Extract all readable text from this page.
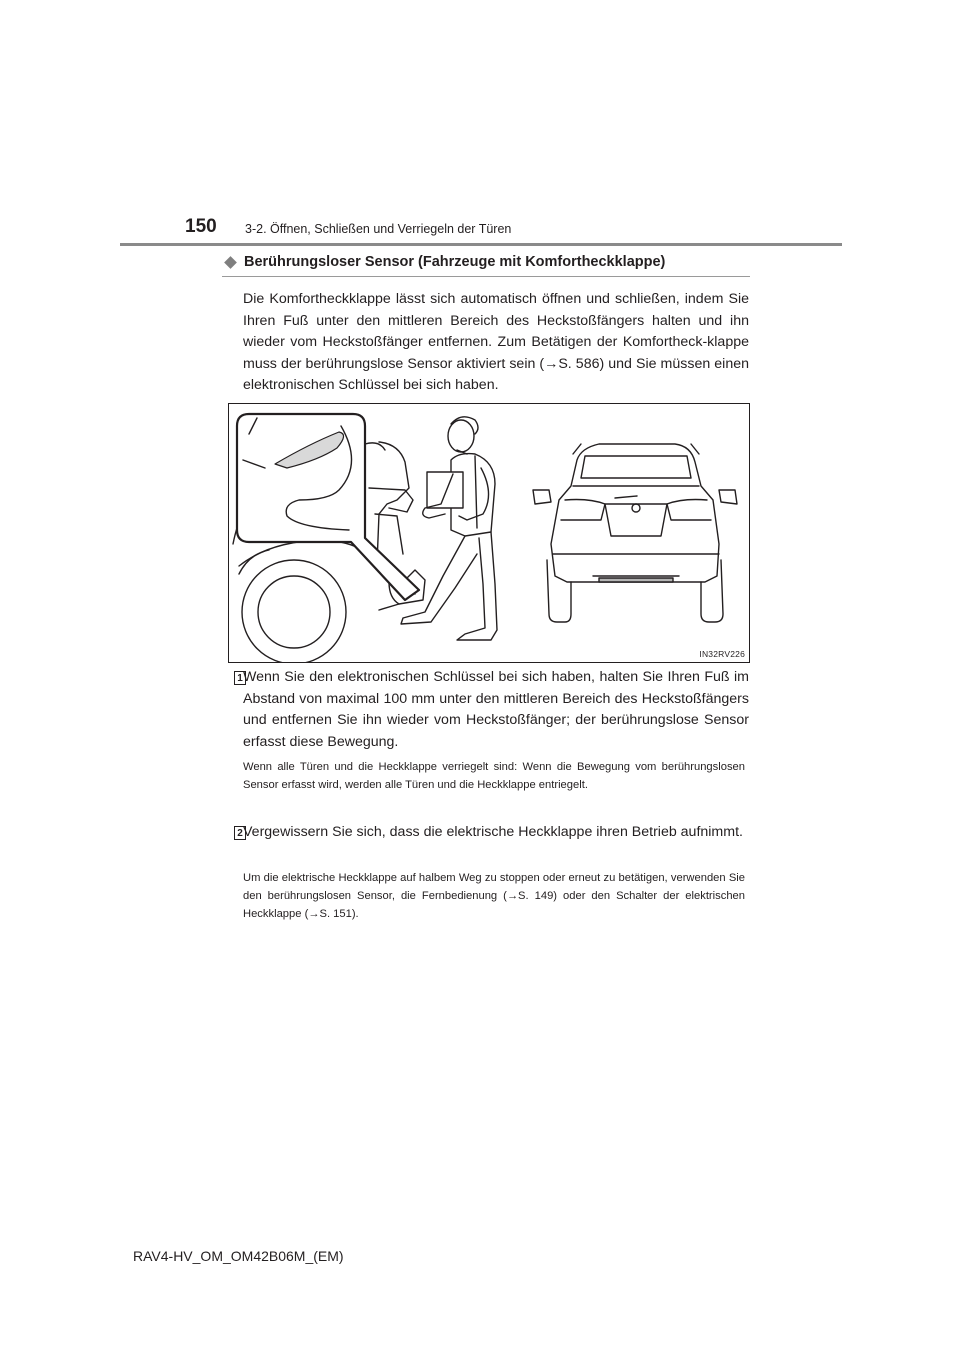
150 3-2. Öffnen, Schließen und Verriegeln der Türen
Berührungsloser Sensor (Fahrzeuge mit Komfortheckklappe)
Die Komfortheckklappe lässt sich automatisch öffnen und schließen, indem Sie Ihren Fuß unter den mittleren Bereich des Heckstoßfängers halten und ihn wieder vom Heckstoßfänger entfernen. Zum Betätigen der Komfortheck-klappe muss der berührungslose Sensor aktiviert sein (→S. 586) und Sie müssen einen elektronischen Schlüssel bei sich haben.
IN32RV226
1 Wenn Sie den elektronischen Schlüssel bei sich haben, halten Sie Ihren Fuß im Abstand von maximal 100 mm unter den mittleren Bereich des Heckstoßfängers und entfernen Sie ihn wieder vom Heckstoßfänger; der berührungslose Sensor erfasst diese Bewegung.
Wenn alle Türen und die Heckklappe verriegelt sind: Wenn die Bewegung vom berührungslosen Sensor erfasst wird, werden alle Türen und die Heckklappe entriegelt.
2 Vergewissern Sie sich, dass die elektrische Heckklappe ihren Betrieb aufnimmt.
Um die elektrische Heckklappe auf halbem Weg zu stoppen oder erneut zu betätigen, verwenden Sie den berührungslosen Sensor, die Fernbedienung (→S. 149) oder den Schalter der elektrischen Heckklappe (→S. 151).
RAV4-HV_OM_OM42B06M_(EM)
